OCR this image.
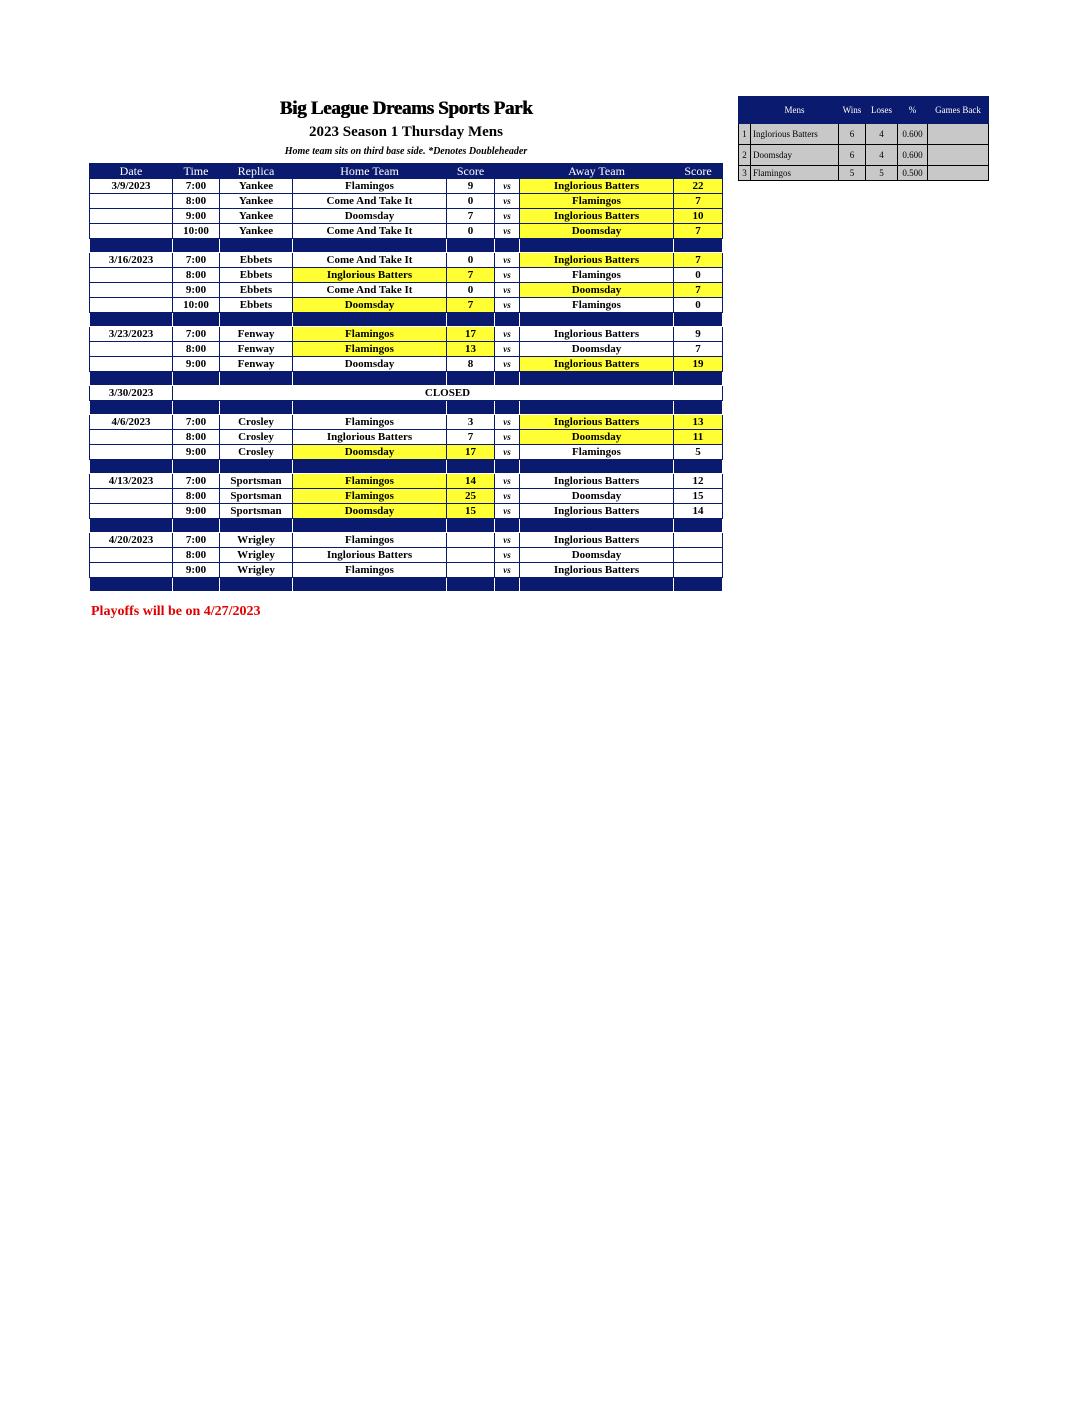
Big League Dreams Sports Park
2023 Season 1 Thursday Mens
Home team sits on third base side. *Denotes Doubleheader
Date	Time	Replica	Home Team	Score		Away Team	Score
3/9/2023	7:00	Yankee	Flamingos	9	vs	Inglorious Batters	22
	8:00	Yankee	Come And Take It	0	vs	Flamingos	7
	9:00	Yankee	Doomsday	7	vs	Inglorious Batters	10
	10:00	Yankee	Come And Take It	0	vs	Doomsday	7

3/16/2023	7:00	Ebbets	Come And Take It	0	vs	Inglorious Batters	7
	8:00	Ebbets	Inglorious Batters	7	vs	Flamingos	0
	9:00	Ebbets	Come And Take It	0	vs	Doomsday	7
	10:00	Ebbets	Doomsday	7	vs	Flamingos	0

3/23/2023	7:00	Fenway	Flamingos	17	vs	Inglorious Batters	9
	8:00	Fenway	Flamingos	13	vs	Doomsday	7
	9:00	Fenway	Doomsday	8	vs	Inglorious Batters	19

3/30/2023	CLOSED						

4/6/2023	7:00	Crosley	Flamingos	3	vs	Inglorious Batters	13
	8:00	Crosley	Inglorious Batters	7	vs	Doomsday	11
	9:00	Crosley	Doomsday	17	vs	Flamingos	5

4/13/2023	7:00	Sportsman	Flamingos	14	vs	Inglorious Batters	12
	8:00	Sportsman	Flamingos	25	vs	Doomsday	15
	9:00	Sportsman	Doomsday	15	vs	Inglorious Batters	14

4/20/2023	7:00	Wrigley	Flamingos		vs	Inglorious Batters	
	8:00	Wrigley	Inglorious Batters		vs	Doomsday	
	9:00	Wrigley	Flamingos		vs	Inglorious Batters	

Playoffs will be on 4/27/2023
	Mens	Wins	Loses	%	Games Back
1	Inglorious Batters	6	4	0.600	
2	Doomsday	6	4	0.600	
3	Flamingos	5	5	0.500	
